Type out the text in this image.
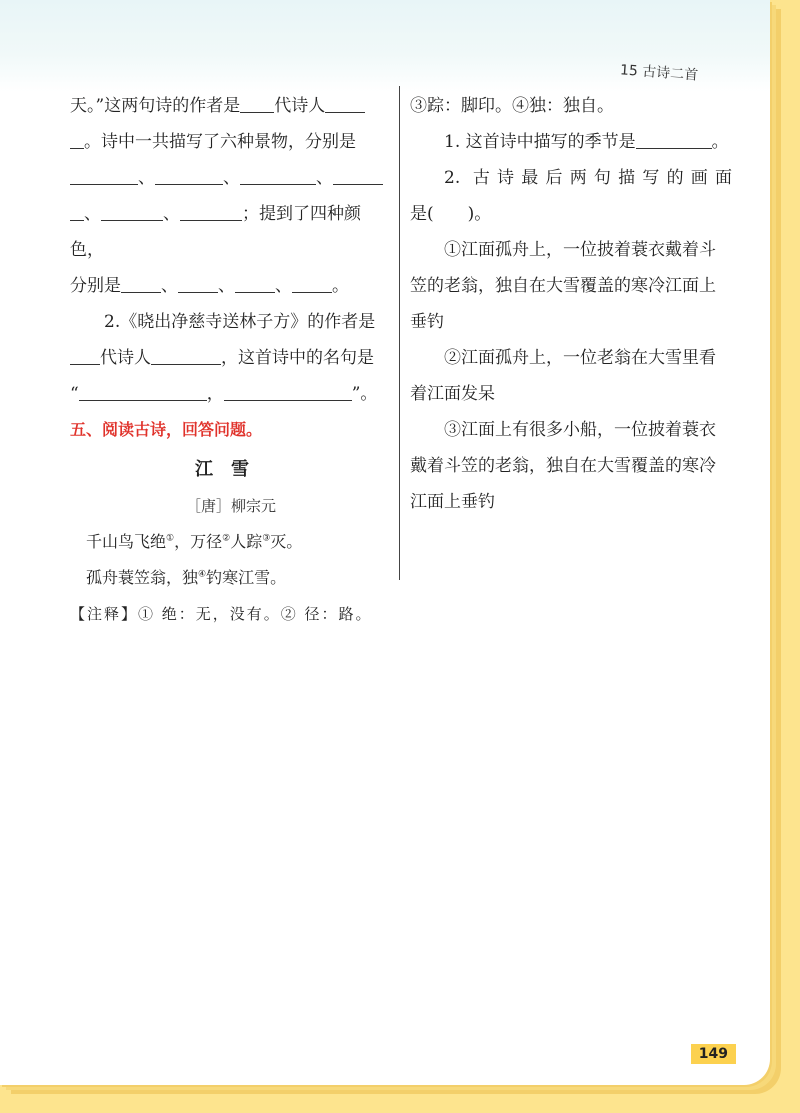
15 古诗二首

天。”这两句诗的作者是 代诗人

。诗中一共描写了六种景物，分别是

、	、	、

、	、	；提到了四种颜色，

分别是 、 、 、 。

2.《晓出净慈寺送林子方》的作者是

代诗人	，这首诗中的名句是

“	，	”。

五、阅读古诗，回答问题。

江雪

［唐］柳宗元

千山鸟飞绝①，万径②人踪③灭。

孤舟蓑笠翁，独④钓寒江雪。

【注释】① 绝：无，没有。② 径：路。

③踪：脚印。④独：独自。

1. 这首诗中描写的季节是	。

2. 古诗最后两句描写的画面

是(　　)。

①江面孤舟上，一位披着蓑衣戴着斗

笠的老翁，独自在大雪覆盖的寒冷江面上

垂钓

②江面孤舟上，一位老翁在大雪里看

着江面发呆

③江面上有很多小船，一位披着蓑衣

戴着斗笠的老翁，独自在大雪覆盖的寒冷

江面上垂钓

149
